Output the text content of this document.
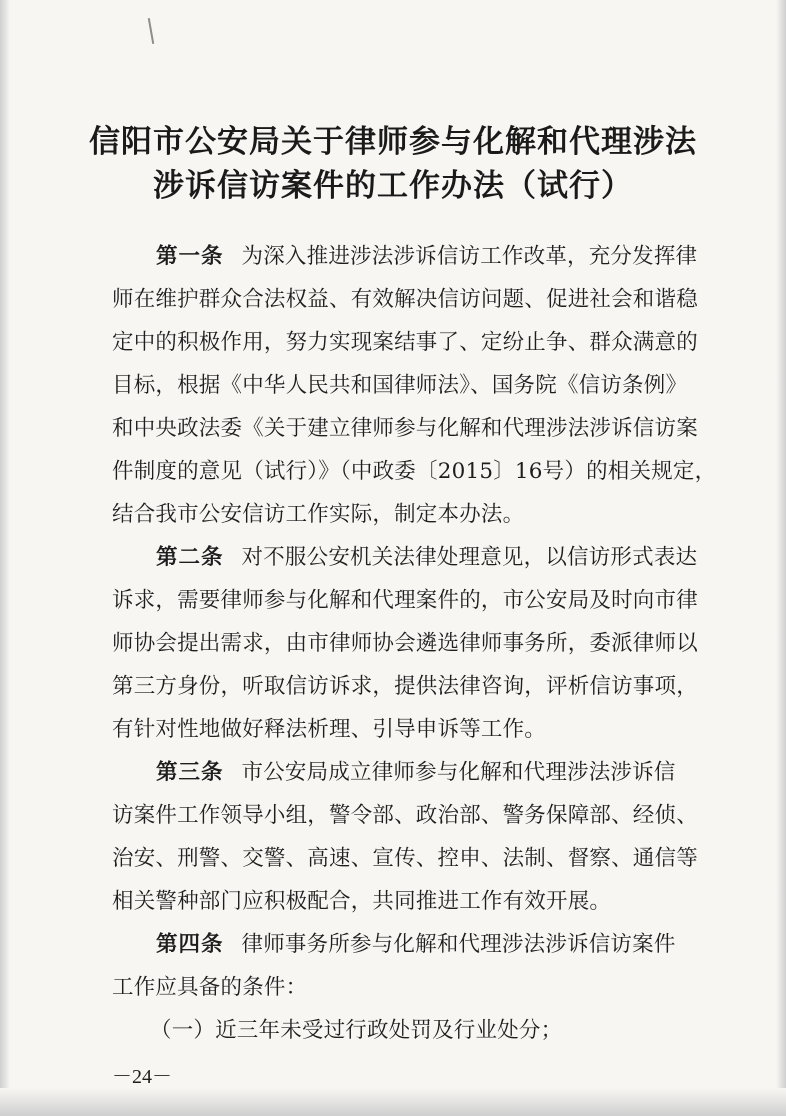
信阳市公安局关于律师参与化解和代理涉法
涉诉信访案件的工作办法（试行）
第一条 为深入推进涉法涉诉信访工作改革，充分发挥律
师在维护群众合法权益、有效解决信访问题、促进社会和谐稳
定中的积极作用，努力实现案结事了、定纷止争、群众满意的
目标，根据《中华人民共和国律师法》、国务院《信访条例》
和中央政法委《关于建立律师参与化解和代理涉法涉诉信访案
件制度的意见（试行）》（中政委〔2015〕16号）的相关规定，
结合我市公安信访工作实际，制定本办法。
第二条 对不服公安机关法律处理意见，以信访形式表达
诉求，需要律师参与化解和代理案件的，市公安局及时向市律
师协会提出需求，由市律师协会遴选律师事务所，委派律师以
第三方身份，听取信访诉求，提供法律咨询，评析信访事项，
有针对性地做好释法析理、引导申诉等工作。
第三条 市公安局成立律师参与化解和代理涉法涉诉信
访案件工作领导小组，警令部、政治部、警务保障部、经侦、
治安、刑警、交警、高速、宣传、控申、法制、督察、通信等
相关警种部门应积极配合，共同推进工作有效开展。
第四条 律师事务所参与化解和代理涉法涉诉信访案件
工作应具备的条件：
（一）近三年未受过行政处罚及行业处分；
－24－
